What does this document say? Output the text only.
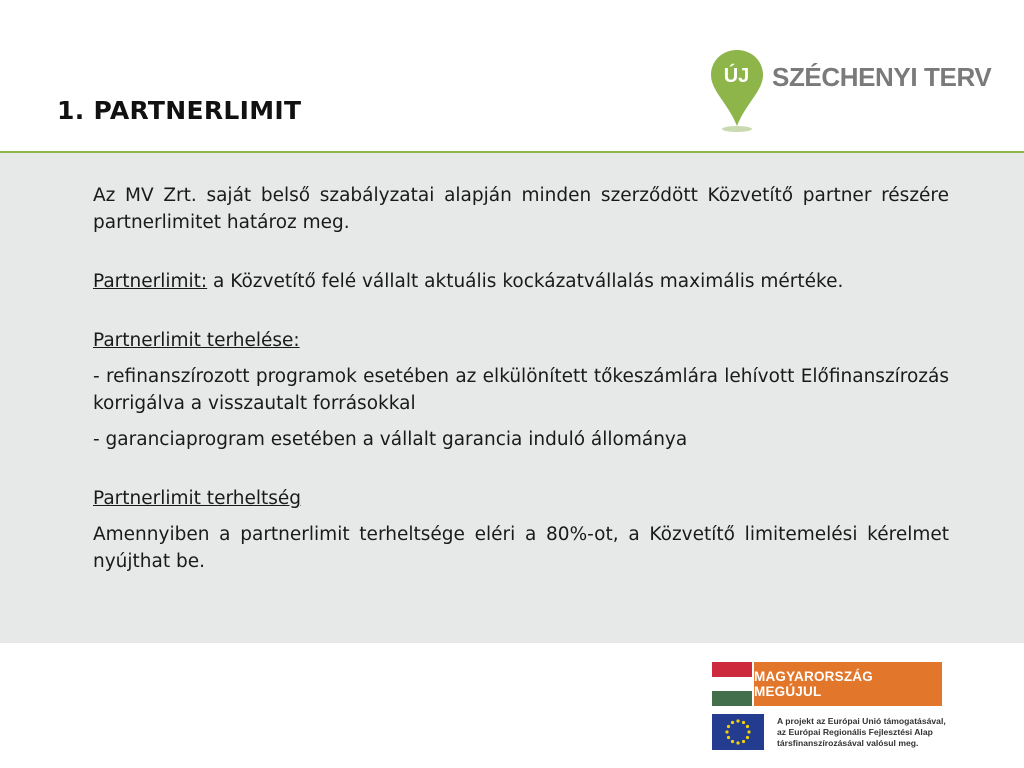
1. PARTNERLIMIT
ÚJ SZÉCHENYI TERV

Az MV Zrt. saját belső szabályzatai alapján minden szerződött Közvetítő partner részére partnerlimitet határoz meg.

Partnerlimit: a Közvetítő felé vállalt aktuális kockázatvállalás maximális mértéke.

Partnerlimit terhelése:

- refinanszírozott programok esetében az elkülönített tőkeszámlára lehívott Előfinanszírozás korrigálva a visszautalt forrásokkal

- garanciaprogram esetében a vállalt garancia induló állománya

Partnerlimit terheltség

Amennyiben a partnerlimit terheltsége eléri a 80%-ot, a Közvetítő limitemelési kérelmet nyújthat be.

MAGYARORSZÁG MEGÚJUL
A projekt az Európai Unió támogatásával,
az Európai Regionális Fejlesztési Alap
társfinanszírozásával valósul meg.
